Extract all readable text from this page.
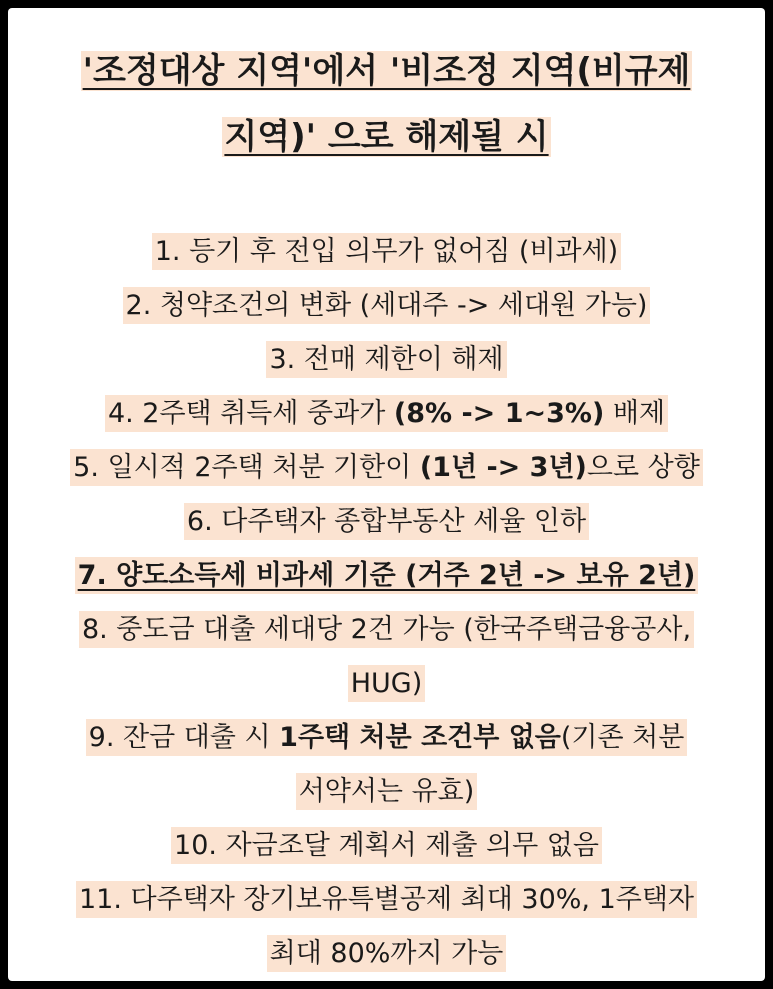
'조정대상 지역'에서 '비조정 지역(비규제
지역)' 으로 해제될 시
1. 등기 후 전입 의무가 없어짐 (비과세)
2. 청약조건의 변화 (세대주 -> 세대원 가능)
3. 전매 제한이 해제
4. 2주택 취득세 중과가 (8% -> 1~3%) 배제
5. 일시적 2주택 처분 기한이 (1년 -> 3년)으로 상향
6. 다주택자 종합부동산 세율 인하
7. 양도소득세 비과세 기준 (거주 2년 -> 보유 2년)
8. 중도금 대출 세대당 2건 가능 (한국주택금융공사,
HUG)
9. 잔금 대출 시 1주택 처분 조건부 없음(기존 처분
서약서는 유효)
10. 자금조달 계획서 제출 의무 없음
11. 다주택자 장기보유특별공제 최대 30%, 1주택자
최대 80%까지 가능
